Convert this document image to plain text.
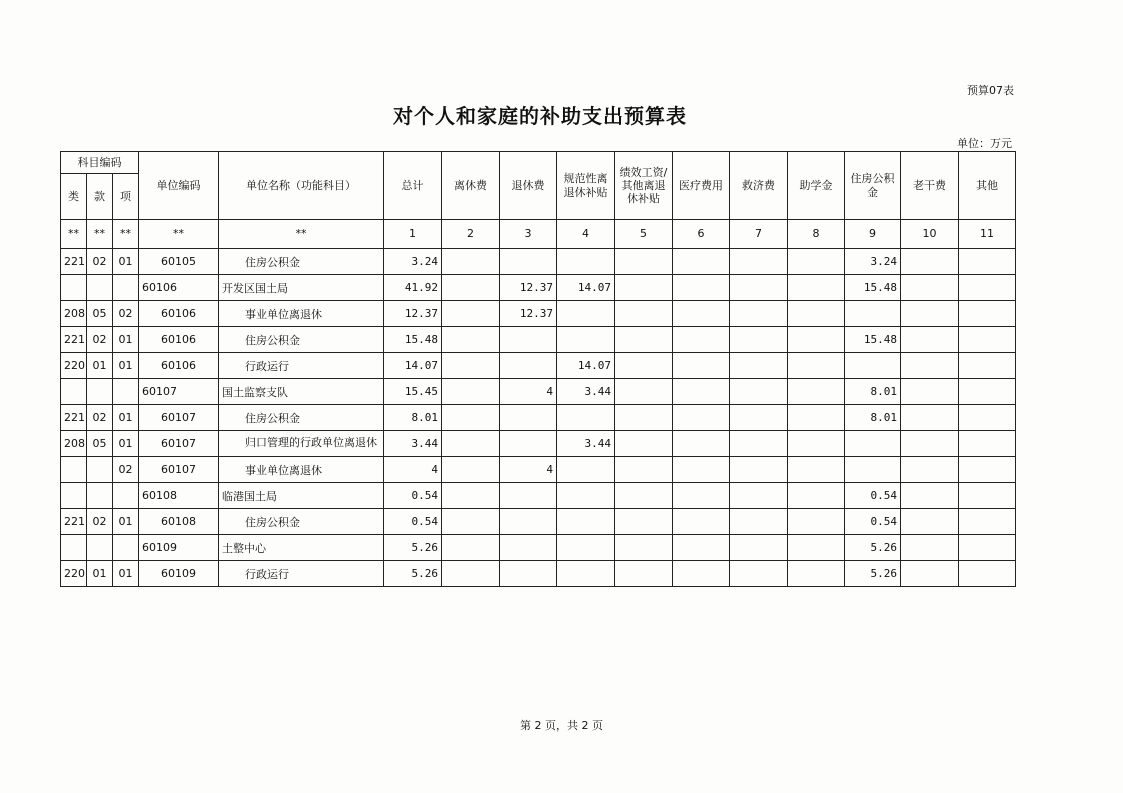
预算07表
对个人和家庭的补助支出预算表
单位：万元
科目编码			单位编码	单位名称（功能科目）	总计	离休费	退休费	规范性离退休补贴	绩效工资/其他离退休补贴	医疗费用	救济费	助学金	住房公积金	老干费	其他
类	款	项													
**	**	**	**	**	1	2	3	4	5	6	7	8	9	10	11
221	02	01	60105	住房公积金	3.24								3.24		
			60106	开发区国土局	41.92		12.37	14.07					15.48		
208	05	02	60106	事业单位离退休	12.37		12.37								
221	02	01	60106	住房公积金	15.48								15.48		
220	01	01	60106	行政运行	14.07			14.07							
			60107	国土监察支队	15.45		4	3.44					8.01		
221	02	01	60107	住房公积金	8.01								8.01		
208	05	01	60107	归口管理的行政单位离退休	3.44			3.44							
		02	60107	事业单位离退休	4		4								
			60108	临港国土局	0.54								0.54		
221	02	01	60108	住房公积金	0.54								0.54		
			60109	土整中心	5.26								5.26		
220	01	01	60109	行政运行	5.26								5.26		
第 2 页，共 2 页
